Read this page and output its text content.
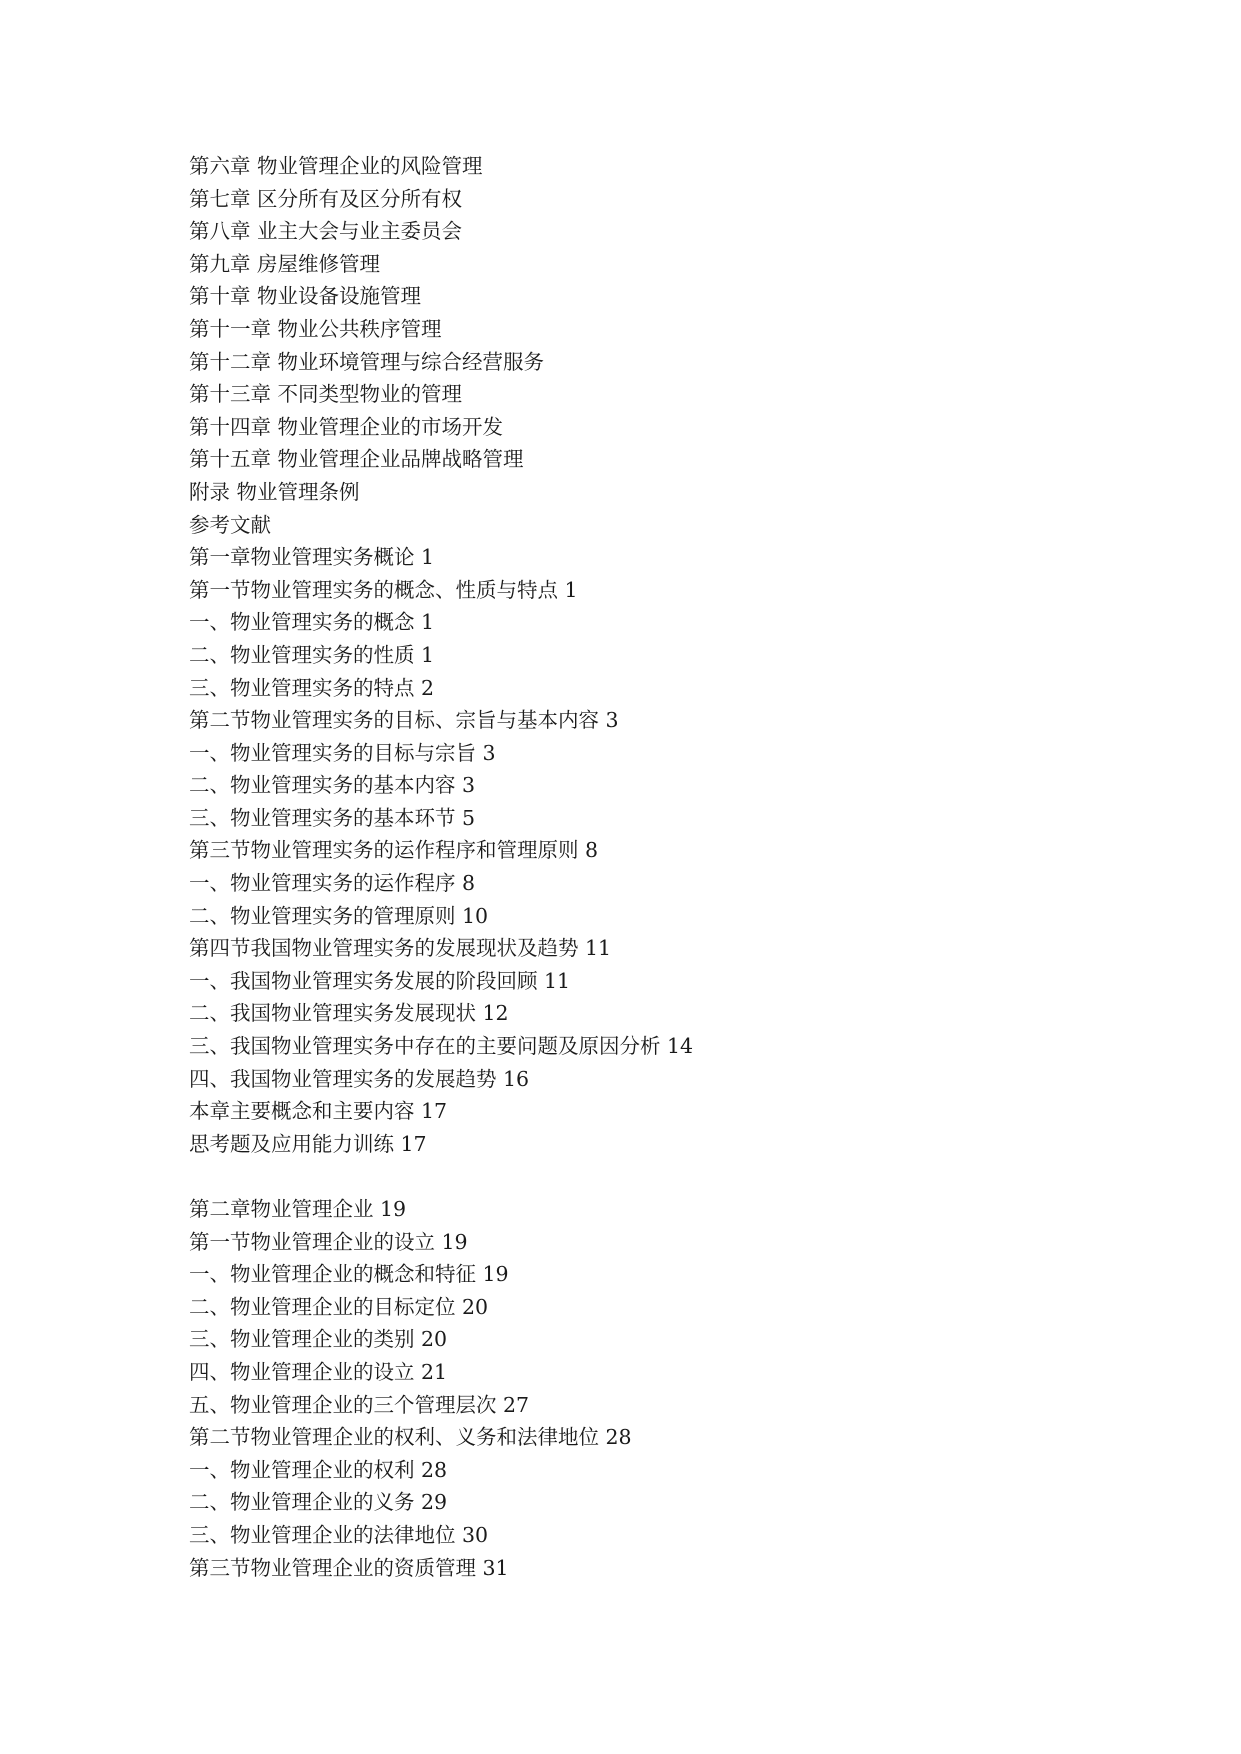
第六章 物业管理企业的风险管理
第七章 区分所有及区分所有权
第八章 业主大会与业主委员会
第九章 房屋维修管理
第十章 物业设备设施管理
第十一章 物业公共秩序管理
第十二章 物业环境管理与综合经营服务
第十三章 不同类型物业的管理
第十四章 物业管理企业的市场开发
第十五章 物业管理企业品牌战略管理
附录 物业管理条例
参考文献
第一章物业管理实务概论 1
第一节物业管理实务的概念、性质与特点 1
一、物业管理实务的概念 1
二、物业管理实务的性质 1
三、物业管理实务的特点 2
第二节物业管理实务的目标、宗旨与基本内容 3
一、物业管理实务的目标与宗旨 3
二、物业管理实务的基本内容 3
三、物业管理实务的基本环节 5
第三节物业管理实务的运作程序和管理原则 8
一、物业管理实务的运作程序 8
二、物业管理实务的管理原则 10
第四节我国物业管理实务的发展现状及趋势 11
一、我国物业管理实务发展的阶段回顾 11
二、我国物业管理实务发展现状 12
三、我国物业管理实务中存在的主要问题及原因分析 14
四、我国物业管理实务的发展趋势 16
本章主要概念和主要内容 17
思考题及应用能力训练 17
第二章物业管理企业 19
第一节物业管理企业的设立 19
一、物业管理企业的概念和特征 19
二、物业管理企业的目标定位 20
三、物业管理企业的类别 20
四、物业管理企业的设立 21
五、物业管理企业的三个管理层次 27
第二节物业管理企业的权利、义务和法律地位 28
一、物业管理企业的权利 28
二、物业管理企业的义务 29
三、物业管理企业的法律地位 30
第三节物业管理企业的资质管理 31
